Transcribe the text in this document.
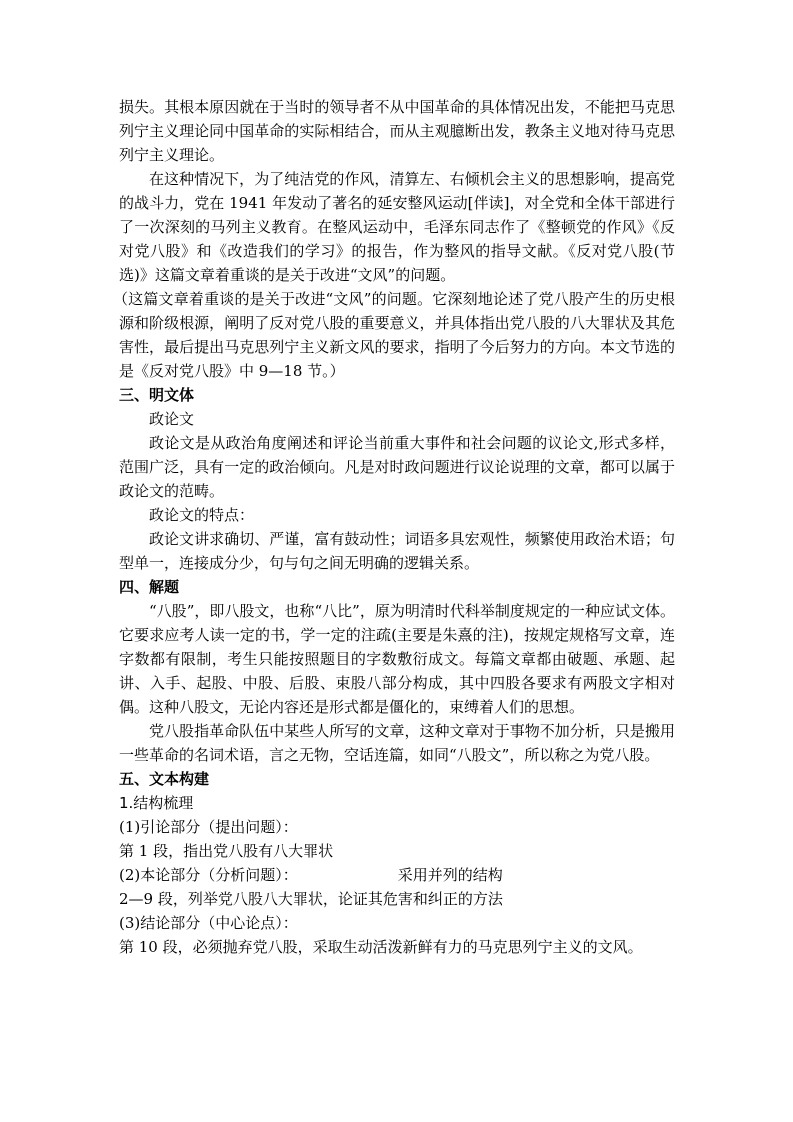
损失。其根本原因就在于当时的领导者不从中国革命的具体情况出发，不能把马克思列宁主义理论同中国革命的实际相结合，而从主观臆断出发，教条主义地对待马克思列宁主义理论。

在这种情况下，为了纯洁党的作风，清算左、右倾机会主义的思想影响，提高党的战斗力，党在 1941 年发动了著名的延安整风运动[伴读]，对全党和全体干部进行了一次深刻的马列主义教育。在整风运动中，毛泽东同志作了《整顿党的作风》《反对党八股》和《改造我们的学习》的报告，作为整风的指导文献。《反对党八股(节选)》这篇文章着重谈的是关于改进“文风”的问题。

（这篇文章着重谈的是关于改进“文风”的问题。它深刻地论述了党八股产生的历史根源和阶级根源，阐明了反对党八股的重要意义，并具体指出党八股的八大罪状及其危害性，最后提出马克思列宁主义新文风的要求，指明了今后努力的方向。本文节选的是《反对党八股》中 9—18 节。）

三、明文体

政论文

政论文是从政治角度阐述和评论当前重大事件和社会问题的议论文,形式多样，范围广泛，具有一定的政治倾向。凡是对时政问题进行议论说理的文章，都可以属于政论文的范畴。

政论文的特点：

政论文讲求确切、严谨，富有鼓动性；词语多具宏观性，频繁使用政治术语；句型单一，连接成分少，句与句之间无明确的逻辑关系。

四、解题

“八股”，即八股文，也称“八比”，原为明清时代科举制度规定的一种应试文体。它要求应考人读一定的书，学一定的注疏(主要是朱熹的注)，按规定规格写文章，连字数都有限制，考生只能按照题目的字数敷衍成文。每篇文章都由破题、承题、起讲、入手、起股、中股、后股、束股八部分构成，其中四股各要求有两股文字相对偶。这种八股文，无论内容还是形式都是僵化的，束缚着人们的思想。

党八股指革命队伍中某些人所写的文章，这种文章对于事物不加分析，只是搬用一些革命的名词术语，言之无物，空话连篇，如同“八股文”，所以称之为党八股。

五、文本构建

1.结构梳理

(1)引论部分（提出问题）：

第 1 段，指出党八股有八大罪状

(2)本论部分（分析问题）：	采用并列的结构

2—9 段，列举党八股八大罪状，论证其危害和纠正的方法

(3)结论部分（中心论点）：

第 10 段，必须抛弃党八股，采取生动活泼新鲜有力的马克思列宁主义的文风。
